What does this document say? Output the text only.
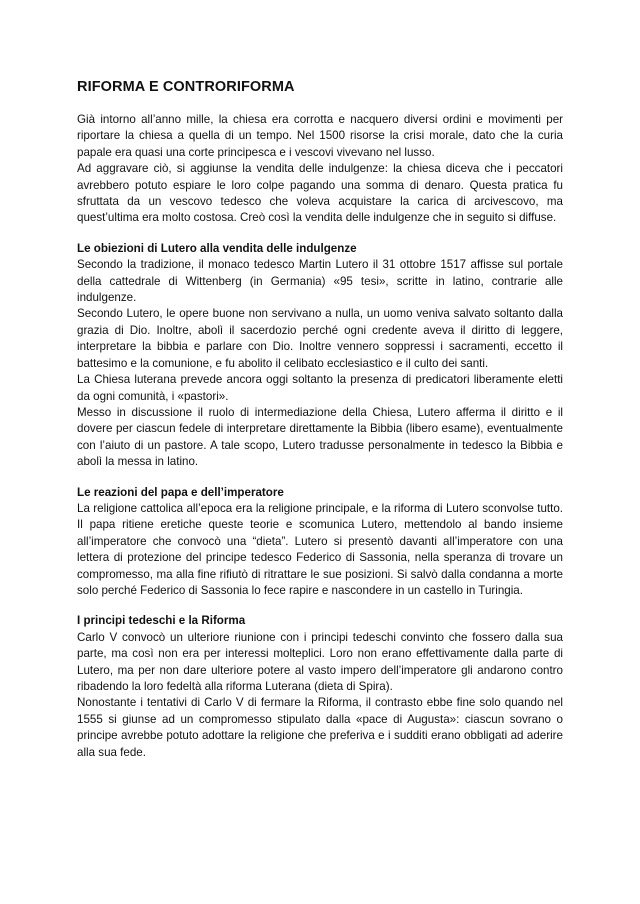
RIFORMA E CONTRORIFORMA

Già intorno all’anno mille, la chiesa era corrotta e nacquero diversi ordini e movimenti per riportare la chiesa a quella di un tempo. Nel 1500 risorse la crisi morale, dato che la curia papale era quasi una corte principesca e i vescovi vivevano nel lusso.

Ad aggravare ciò, si aggiunse la vendita delle indulgenze: la chiesa diceva che i peccatori avrebbero potuto espiare le loro colpe pagando una somma di denaro. Questa pratica fu sfruttata da un vescovo tedesco che voleva acquistare la carica di arcivescovo, ma quest’ultima era molto costosa. Creò così la vendita delle indulgenze che in seguito si diffuse.

Le obiezioni di Lutero alla vendita delle indulgenze

Secondo la tradizione, il monaco tedesco Martin Lutero il 31 ottobre 1517 affisse sul portale della cattedrale di Wittenberg (in Germania) «95 tesi», scritte in latino, contrarie alle indulgenze.

Secondo Lutero, le opere buone non servivano a nulla, un uomo veniva salvato soltanto dalla grazia di Dio. Inoltre, abolì il sacerdozio perché ogni credente aveva il diritto di leggere, interpretare la bibbia e parlare con Dio. Inoltre vennero soppressi i sacramenti, eccetto il battesimo e la comunione, e fu abolito il celibato ecclesiastico e il culto dei santi.

La Chiesa luterana prevede ancora oggi soltanto la presenza di predicatori liberamente eletti da ogni comunità, i «pastori».

Messo in discussione il ruolo di intermediazione della Chiesa, Lutero afferma il diritto e il dovere per ciascun fedele di interpretare direttamente la Bibbia (libero esame), eventualmente con l’aiuto di un pastore. A tale scopo, Lutero tradusse personalmente in tedesco la Bibbia e abolì la messa in latino.

Le reazioni del papa e dell’imperatore

La religione cattolica all’epoca era la religione principale, e la riforma di Lutero sconvolse tutto. Il papa ritiene eretiche queste teorie e scomunica Lutero, mettendolo al bando insieme all’imperatore che convocò una “dieta”. Lutero si presentò davanti all’imperatore con una lettera di protezione del principe tedesco Federico di Sassonia, nella speranza di trovare un compromesso, ma alla fine rifiutò di ritrattare le sue posizioni. Si salvò dalla condanna a morte solo perché Federico di Sassonia lo fece rapire e nascondere in un castello in Turingia.

I principi tedeschi e la Riforma

Carlo V convocò un ulteriore riunione con i principi tedeschi convinto che fossero dalla sua parte, ma così non era per interessi molteplici. Loro non erano effettivamente dalla parte di Lutero, ma per non dare ulteriore potere al vasto impero dell’imperatore gli andarono contro ribadendo la loro fedeltà alla riforma Luterana (dieta di Spira).

Nonostante i tentativi di Carlo V di fermare la Riforma, il contrasto ebbe fine solo quando nel 1555 si giunse ad un compromesso stipulato dalla «pace di Augusta»: ciascun sovrano o principe avrebbe potuto adottare la religione che preferiva e i sudditi erano obbligati ad aderire alla sua fede.
